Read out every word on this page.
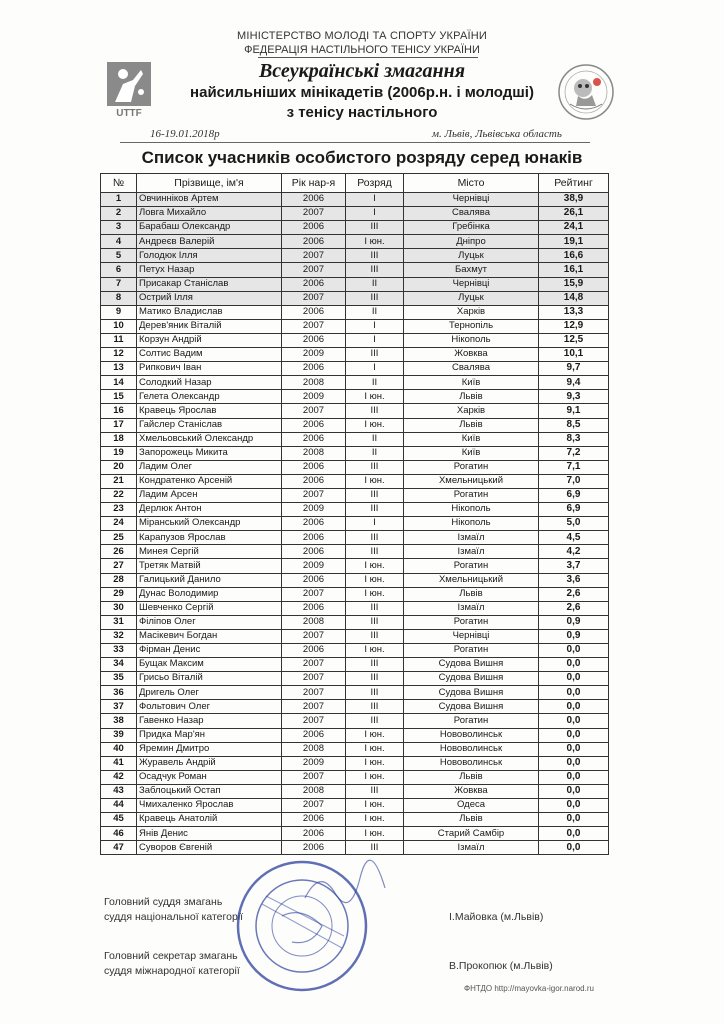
МІНІСТЕРСТВО МОЛОДІ ТА СПОРТУ УКРАЇНИ
ФЕДЕРАЦІЯ НАСТІЛЬНОГО ТЕНІСУ УКРАЇНИ
UTTF
Всеукраїнські змагання
найсильніших мінікадетів (2006р.н. і молодші)
з тенісу настільного
16-19.01.2018р	м. Львів, Львівська область
Список учасників особистого розряду серед юнаків
№	Прізвище, ім'я	Рік нар-я	Розряд	Місто	Рейтинг
1	Овчинніков Артем	2006	І	Чернівці	38,9
2	Ловга Михайло	2007	І	Свалява	26,1
3	Барабаш Олександр	2006	ІІІ	Гребінка	24,1
4	Андреєв Валерій	2006	І юн.	Дніпро	19,1
5	Голодюк Ілля	2007	ІІІ	Луцьк	16,6
6	Петух Назар	2007	ІІІ	Бахмут	16,1
7	Присакар Станіслав	2006	ІІ	Чернівці	15,9
8	Острий Ілля	2007	ІІІ	Луцьк	14,8
9	Матико Владислав	2006	ІІ	Харків	13,3
10	Дерев'яник Віталій	2007	І	Тернопіль	12,9
11	Корзун Андрій	2006	І	Нікополь	12,5
12	Солтис Вадим	2009	ІІІ	Жовква	10,1
13	Рипкович Іван	2006	І	Свалява	9,7
14	Солодкий Назар	2008	ІІ	Київ	9,4
15	Гелета Олександр	2009	І юн.	Львів	9,3
16	Кравець Ярослав	2007	ІІІ	Харків	9,1
17	Гайслер Станіслав	2006	І юн.	Львів	8,5
18	Хмельовський Олександр	2006	ІІ	Київ	8,3
19	Запорожець Микита	2008	ІІ	Київ	7,2
20	Ладим Олег	2006	ІІІ	Рогатин	7,1
21	Кондратенко Арсеній	2006	І юн.	Хмельницький	7,0
22	Ладим Арсен	2007	ІІІ	Рогатин	6,9
23	Дерлюк Антон	2009	ІІІ	Нікополь	6,9
24	Міранський Олександр	2006	І	Нікополь	5,0
25	Карапузов Ярослав	2006	ІІІ	Ізмаїл	4,5
26	Минея Сергій	2006	ІІІ	Ізмаїл	4,2
27	Третяк Матвій	2009	І юн.	Рогатин	3,7
28	Галицький Данило	2006	І юн.	Хмельницький	3,6
29	Дунас Володимир	2007	І юн.	Львів	2,6
30	Шевченко Сергій	2006	ІІІ	Ізмаїл	2,6
31	Філіпов Олег	2008	ІІІ	Рогатин	0,9
32	Масікевич Богдан	2007	ІІІ	Чернівці	0,9
33	Фірман Денис	2006	І юн.	Рогатин	0,0
34	Бущак Максим	2007	ІІІ	Судова Вишня	0,0
35	Грисьо Віталій	2007	ІІІ	Судова Вишня	0,0
36	Дригель Олег	2007	ІІІ	Судова Вишня	0,0
37	Фольтович Олег	2007	ІІІ	Судова Вишня	0,0
38	Гавенко Назар	2007	ІІІ	Рогатин	0,0
39	Придка Мар'ян	2006	І юн.	Нововолинськ	0,0
40	Яремин Дмитро	2008	І юн.	Нововолинськ	0,0
41	Журавель Андрій	2009	І юн.	Нововолинськ	0,0
42	Осадчук Роман	2007	І юн.	Львів	0,0
43	Заблоцький Остап	2008	ІІІ	Жовква	0,0
44	Чмихаленко Ярослав	2007	І юн.	Одеса	0,0
45	Кравець Анатолій	2006	І юн.	Львів	0,0
46	Янів Денис	2006	І юн.	Старий Самбір	0,0
47	Суворов Євгеній	2006	ІІІ	Ізмаїл	0,0
Головний суддя змагань
суддя національної категорії	І.Майовка (м.Львів)
Головний секретар змагань
суддя міжнародної категорії	В.Прокопюк (м.Львів)
ФНТДО http://mayovka-igor.narod.ru
